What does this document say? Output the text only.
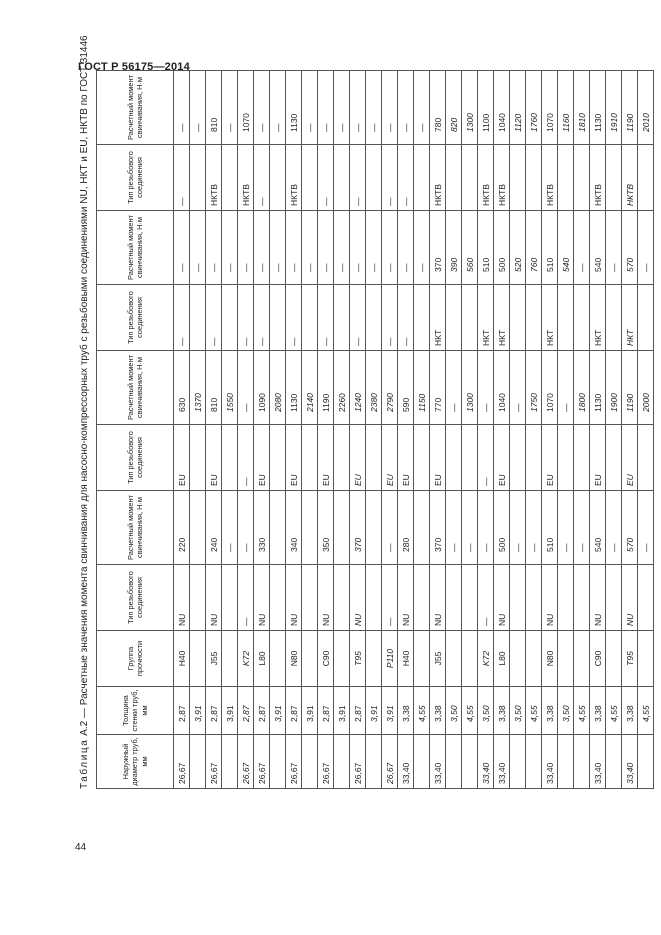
ГОСТ Р 56175—2014
44
Таблица А.2 — Расчетные значения момента свинчивания для насосно-компрессорных труб с резьбовыми соединениями NU, НКТ и EU, НКТВ по ГОСТ 31446
Наружный диаметр труб, мм	Толщина стенки труб, мм	Группа прочности	Тип резьбового соединения	Расчетный момент свинчивания, Н·м	Тип резьбового соединения	Расчетный момент свинчивания, Н·м	Тип резьбового соединения	Расчетный момент свинчивания, Н·м	Тип резьбового соединения	Расчетный момент свинчивания, Н·м
26,67	2,87	H40	NU	220	EU	630	—	—	—	—
	3,91					1370		—		—
26,67	2,87	J55	NU	240	EU	810	—	—	НКТВ	810
	3,91			—		1550		—		—
26,67	2,87	K72	—	—	—	—	—	—	НКТВ	1070
26,67	2,87	L80	NU	330	EU	1090	—	—	—	—
	3,91					2080		—		—
26,67	2,87	N80	NU	340	EU	1130	—	—	НКТВ	1130
	3,91					2140		—		—
26,67	2,87	C90	NU	350	EU	1190	—	—	—	—
	3,91					2260		—		—
26,67	2,87	T95	NU	370	EU	1240	—	—	—	—
	3,91					2380		—		—
26,67	3,91	P110	—	—	EU	2790	—	—	—	—
33,40	3,38	H40	NU	280	EU	590	—	—	—	—
	4,55					1150		—		—
33,40	3,38	J55	NU	370	EU	770	НКТ	370	НКТВ	780
	3,50			—		—		390		820
	4,55			—		1300		560		1300
33,40	3,50	K72	—	—	—	—	НКТ	510	НКТВ	1100
33,40	3,38	L80	NU	500	EU	1040	НКТ	500	НКТВ	1040
	3,50			—		—		520		1120
	4,55			—		1750		760		1760
33,40	3,38	N80	NU	510	EU	1070	НКТ	510	НКТВ	1070
	3,50			—		—		540		1160
	4,55			—		1800		—		1810
33,40	3,38	C90	NU	540	EU	1130	НКТ	540	НКТВ	1130
	4,55			—		1900		—		1910
33,40	3,38	T95	NU	570	EU	1190	НКТ	570	НКТВ	1190
	4,55			—		2000		—		2010
